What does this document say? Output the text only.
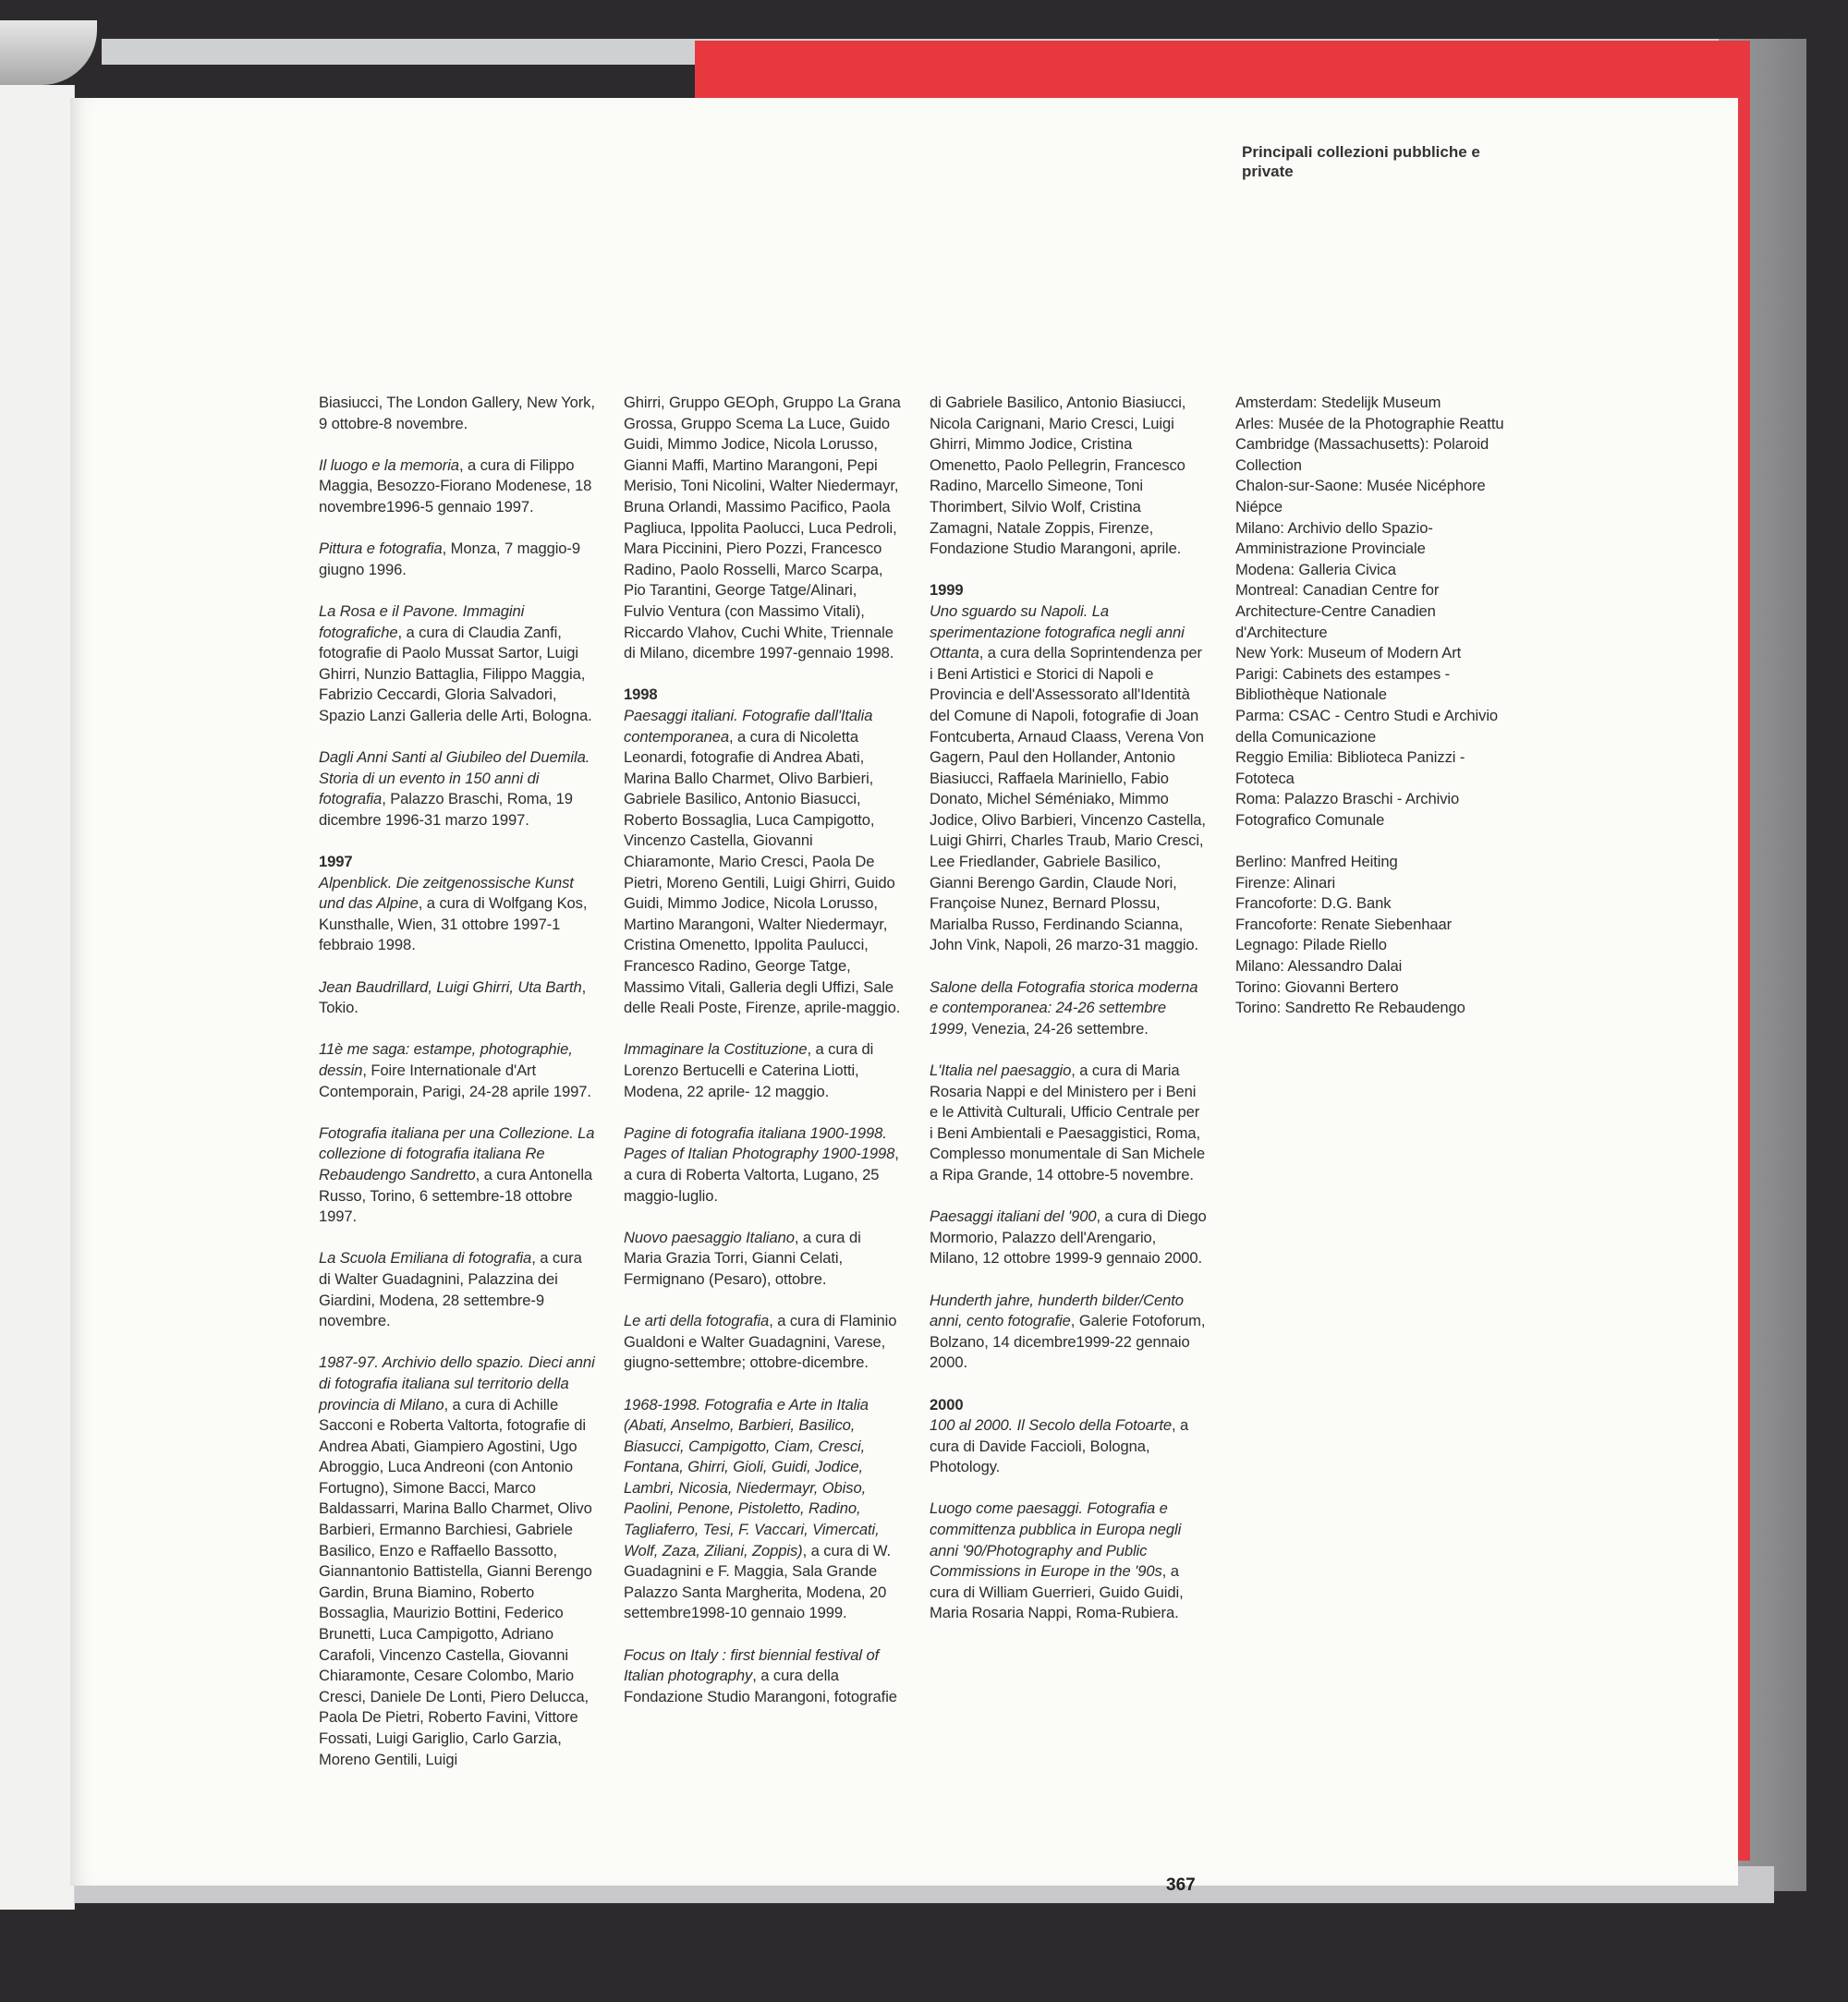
Principali collezioni pubbliche e private

Biasiucci, The London Gallery, New York, 9 ottobre-8 novembre.

Il luogo e la memoria, a cura di Filippo Maggia, Besozzo-Fiorano Modenese, 18 novembre1996-5 gennaio 1997.

Pittura e fotografia, Monza, 7 maggio-9 giugno 1996.

La Rosa e il Pavone. Immagini fotografiche, a cura di Claudia Zanfi, fotografie di Paolo Mussat Sartor, Luigi Ghirri, Nunzio Battaglia, Filippo Maggia, Fabrizio Ceccardi, Gloria Salvadori, Spazio Lanzi Galleria delle Arti, Bologna.

Dagli Anni Santi al Giubileo del Duemila. Storia di un evento in 150 anni di fotografia, Palazzo Braschi, Roma, 19 dicembre 1996-31 marzo 1997.

1997
Alpenblick. Die zeitgenossische Kunst und das Alpine, a cura di Wolfgang Kos, Kunsthalle, Wien, 31 ottobre 1997-1 febbraio 1998.

Jean Baudrillard, Luigi Ghirri, Uta Barth, Tokio.

11è me saga: estampe, photographie, dessin, Foire Internationale d'Art Contemporain, Parigi, 24-28 aprile 1997.

Fotografia italiana per una Collezione. La collezione di fotografia italiana Re Rebaudengo Sandretto, a cura Antonella Russo, Torino, 6 settembre-18 ottobre 1997.

La Scuola Emiliana di fotografia, a cura di Walter Guadagnini, Palazzina dei Giardini, Modena, 28 settembre-9 novembre.

1987-97. Archivio dello spazio. Dieci anni di fotografia italiana sul territorio della provincia di Milano, a cura di Achille Sacconi e Roberta Valtorta, fotografie di Andrea Abati, Giampiero Agostini, Ugo Abroggio, Luca Andreoni (con Antonio Fortugno), Simone Bacci, Marco Baldassarri, Marina Ballo Charmet, Olivo Barbieri, Ermanno Barchiesi, Gabriele Basilico, Enzo e Raffaello Bassotto, Giannantonio Battistella, Gianni Berengo Gardin, Bruna Biamino, Roberto Bossaglia, Maurizio Bottini, Federico Brunetti, Luca Campigotto, Adriano Carafoli, Vincenzo Castella, Giovanni Chiaramonte, Cesare Colombo, Mario Cresci, Daniele De Lonti, Piero Delucca, Paola De Pietri, Roberto Favini, Vittore Fossati, Luigi Gariglio, Carlo Garzia, Moreno Gentili, Luigi

Ghirri, Gruppo GEOph, Gruppo La Grana Grossa, Gruppo Scema La Luce, Guido Guidi, Mimmo Jodice, Nicola Lorusso, Gianni Maffi, Martino Marangoni, Pepi Merisio, Toni Nicolini, Walter Niedermayr, Bruna Orlandi, Massimo Pacifico, Paola Pagliuca, Ippolita Paolucci, Luca Pedroli, Mara Piccinini, Piero Pozzi, Francesco Radino, Paolo Rosselli, Marco Scarpa, Pio Tarantini, George Tatge/Alinari, Fulvio Ventura (con Massimo Vitali), Riccardo Vlahov, Cuchi White, Triennale di Milano, dicembre 1997-gennaio 1998.

1998
Paesaggi italiani. Fotografie dall'Italia contemporanea, a cura di Nicoletta Leonardi, fotografie di Andrea Abati, Marina Ballo Charmet, Olivo Barbieri, Gabriele Basilico, Antonio Biasucci, Roberto Bossaglia, Luca Campigotto, Vincenzo Castella, Giovanni Chiaramonte, Mario Cresci, Paola De Pietri, Moreno Gentili, Luigi Ghirri, Guido Guidi, Mimmo Jodice, Nicola Lorusso, Martino Marangoni, Walter Niedermayr, Cristina Omenetto, Ippolita Paulucci, Francesco Radino, George Tatge, Massimo Vitali, Galleria degli Uffizi, Sale delle Reali Poste, Firenze, aprile-maggio.

Immaginare la Costituzione, a cura di Lorenzo Bertucelli e Caterina Liotti, Modena, 22 aprile- 12 maggio.

Pagine di fotografia italiana 1900-1998. Pages of Italian Photography 1900-1998, a cura di Roberta Valtorta, Lugano, 25 maggio-luglio.

Nuovo paesaggio Italiano, a cura di Maria Grazia Torri, Gianni Celati, Fermignano (Pesaro), ottobre.

Le arti della fotografia, a cura di Flaminio Gualdoni e Walter Guadagnini, Varese, giugno-settembre; ottobre-dicembre.

1968-1998. Fotografia e Arte in Italia (Abati, Anselmo, Barbieri, Basilico, Biasucci, Campigotto, Ciam, Cresci, Fontana, Ghirri, Gioli, Guidi, Jodice, Lambri, Nicosia, Niedermayr, Obiso, Paolini, Penone, Pistoletto, Radino, Tagliaferro, Tesi, F. Vaccari, Vimercati, Wolf, Zaza, Ziliani, Zoppis), a cura di W. Guadagnini e F. Maggia, Sala Grande Palazzo Santa Margherita, Modena, 20 settembre1998-10 gennaio 1999.

Focus on Italy : first biennial festival of Italian photography, a cura della Fondazione Studio Marangoni, fotografie

di Gabriele Basilico, Antonio Biasiucci, Nicola Carignani, Mario Cresci, Luigi Ghirri, Mimmo Jodice, Cristina Omenetto, Paolo Pellegrin, Francesco Radino, Marcello Simeone, Toni Thorimbert, Silvio Wolf, Cristina Zamagni, Natale Zoppis, Firenze, Fondazione Studio Marangoni, aprile.

1999
Uno sguardo su Napoli. La sperimentazione fotografica negli anni Ottanta, a cura della Soprintendenza per i Beni Artistici e Storici di Napoli e Provincia e dell'Assessorato all'Identità del Comune di Napoli, fotografie di Joan Fontcuberta, Arnaud Claass, Verena Von Gagern, Paul den Hollander, Antonio Biasiucci, Raffaela Mariniello, Fabio Donato, Michel Séméniako, Mimmo Jodice, Olivo Barbieri, Vincenzo Castella, Luigi Ghirri, Charles Traub, Mario Cresci, Lee Friedlander, Gabriele Basilico, Gianni Berengo Gardin, Claude Nori, Françoise Nunez, Bernard Plossu, Marialba Russo, Ferdinando Scianna, John Vink, Napoli, 26 marzo-31 maggio.

Salone della Fotografia storica moderna e contemporanea: 24-26 settembre 1999, Venezia, 24-26 settembre.

L'Italia nel paesaggio, a cura di Maria Rosaria Nappi e del Ministero per i Beni e le Attività Culturali, Ufficio Centrale per i Beni Ambientali e Paesaggistici, Roma, Complesso monumentale di San Michele a Ripa Grande, 14 ottobre-5 novembre.

Paesaggi italiani del '900, a cura di Diego Mormorio, Palazzo dell'Arengario, Milano, 12 ottobre 1999-9 gennaio 2000.

Hunderth jahre, hunderth bilder/Cento anni, cento fotografie, Galerie Fotoforum, Bolzano, 14 dicembre1999-22 gennaio 2000.

2000
100 al 2000. Il Secolo della Fotoarte, a cura di Davide Faccioli, Bologna, Photology.

Luogo come paesaggi. Fotografia e committenza pubblica in Europa negli anni '90/Photography and Public Commissions in Europe in the '90s, a cura di William Guerrieri, Guido Guidi, Maria Rosaria Nappi, Roma-Rubiera.

Amsterdam: Stedelijk Museum
Arles: Musée de la Photographie Reattu
Cambridge (Massachusetts): Polaroid Collection
Chalon-sur-Saone: Musée Nicéphore Niépce
Milano: Archivio dello Spazio-Amministrazione Provinciale
Modena: Galleria Civica
Montreal: Canadian Centre for Architecture-Centre Canadien d'Architecture
New York: Museum of Modern Art
Parigi: Cabinets des estampes - Bibliothèque Nationale
Parma: CSAC - Centro Studi e Archivio della Comunicazione
Reggio Emilia: Biblioteca Panizzi - Fototeca
Roma: Palazzo Braschi - Archivio Fotografico Comunale
Berlino: Manfred Heiting
Firenze: Alinari
Francoforte: D.G. Bank
Francoforte: Renate Siebenhaar
Legnago: Pilade Riello
Milano: Alessandro Dalai
Torino: Giovanni Bertero
Torino: Sandretto Re Rebaudengo
367
